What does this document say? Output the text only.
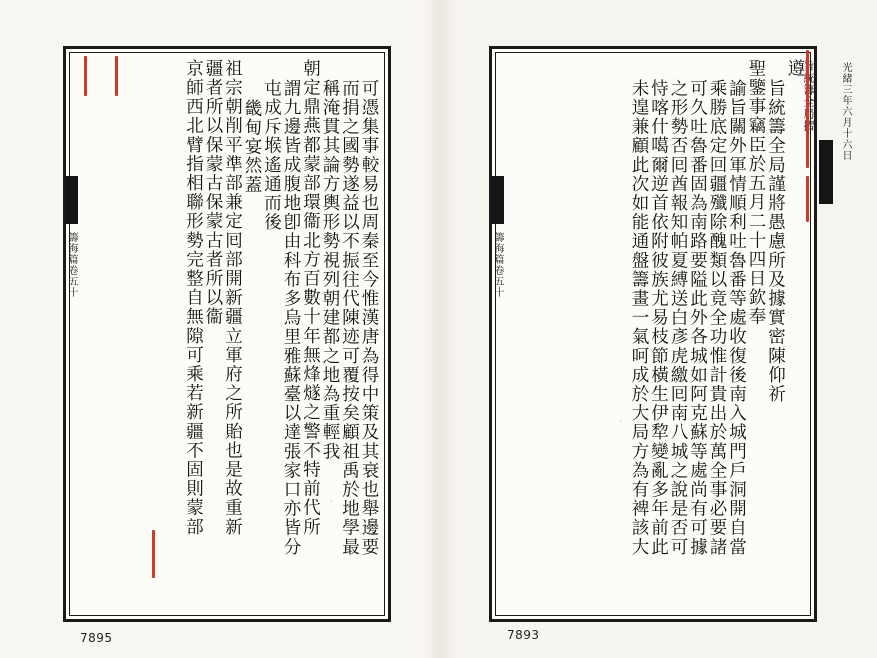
遵
旨統籌全局謹將愚慮所及據實密陳仰祈
聖鑒事竊臣於五月二十四日欽奉
諭旨關外軍情順利吐魯番等處收復後南入城門戶洞開自當
乘勝底定回疆殲除醜類以竟全功惟計貴出於萬全事必要諸
可久吐魯番固為南路要隘此外各城如阿克蘇等處尚有可據
之形勢否囘酋報知帕夏縛送白彥虎繳囘南八城之說是否可
恃喀什噶爾逆首依附彼族尤易枝節橫生伊犂變亂多年前此
未遑兼顧此次如能通盤籌畫一氣呵成於大局方為有裨該大	光緒三年六月十六日
籌海篇卷五十
7893
可憑集事較易也周秦至今惟漢唐為得中策及其衰也舉邊要
而捐之國勢遂益以不振往代陳迹可覆按矣顧祖禹於地學最
稱淹貫其論方輿形勢視列朝建都之地為重輕我
朝定鼎燕都蒙部環衞北方百數十年無烽燧之警不特前代所
謂九邊皆成腹地卽由科布多烏里雅蘇臺以達張家口亦皆分
屯成斥堠遙通而後
畿甸宴然蓋
祖宗朝削平準部兼定囘部開新疆立軍府之所貽也是故重新
疆者所以保蒙古保蒙古者所以衞
京師西北臂指相聯形勢完整自無隙可乘若新疆不固則蒙部
籌海篇卷五十
7895
